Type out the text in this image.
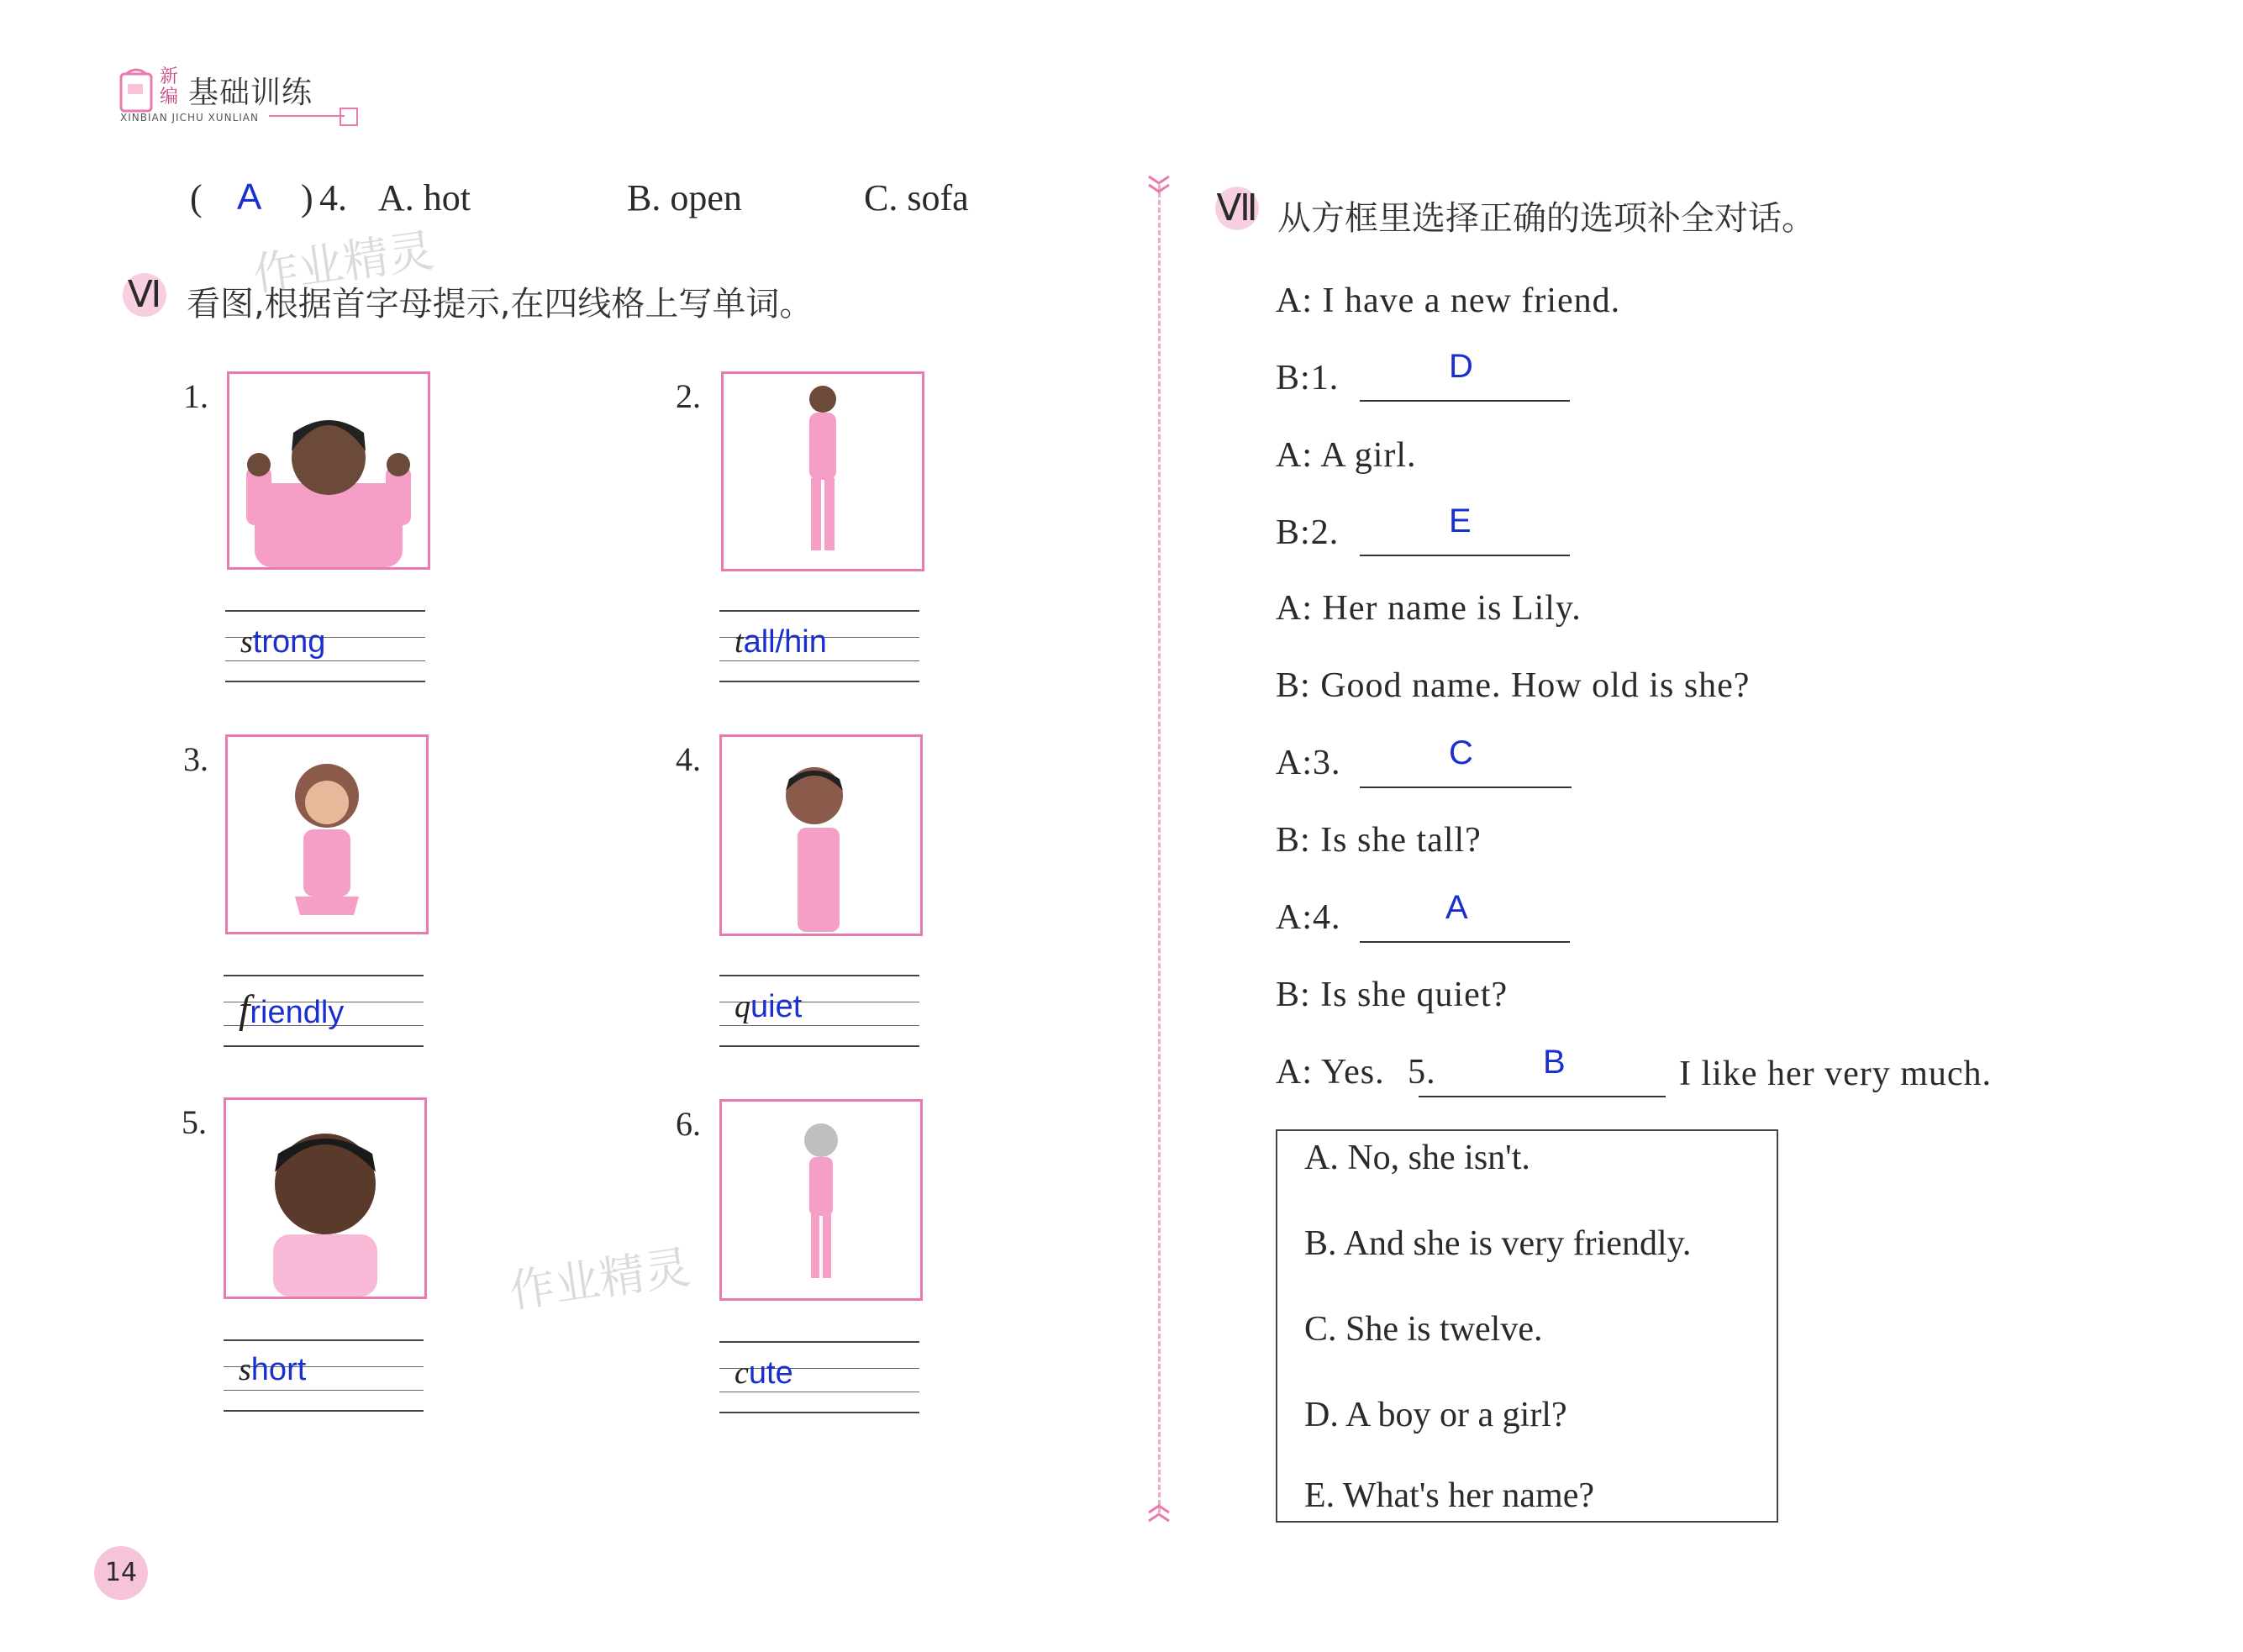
新编 基础训练
XINBIAN JICHU XUNLIAN
( A ) 4. A. hot	B. open	C. sofa
Ⅵ 看图,根据首字母提示,在四线格上写单词。
作业精灵
作业精灵
1.
strong
2.
tall/hin
3.
friendly
4.
quiet
5.
short
6.
cute
14
Ⅶ 从方框里选择正确的选项补全对话。
A: I have a new friend.
B:1.	D
A: A girl.
B:2.	E
A: Her name is Lily.
B: Good name. How old is she?
A:3.	C
B: Is she tall?
A:4.	A
B: Is she quiet?
A: Yes. 5.	B	I like her very much.
A. No, she isn't.
B. And she is very friendly.
C. She is twelve.
D. A boy or a girl?
E. What's her name?
